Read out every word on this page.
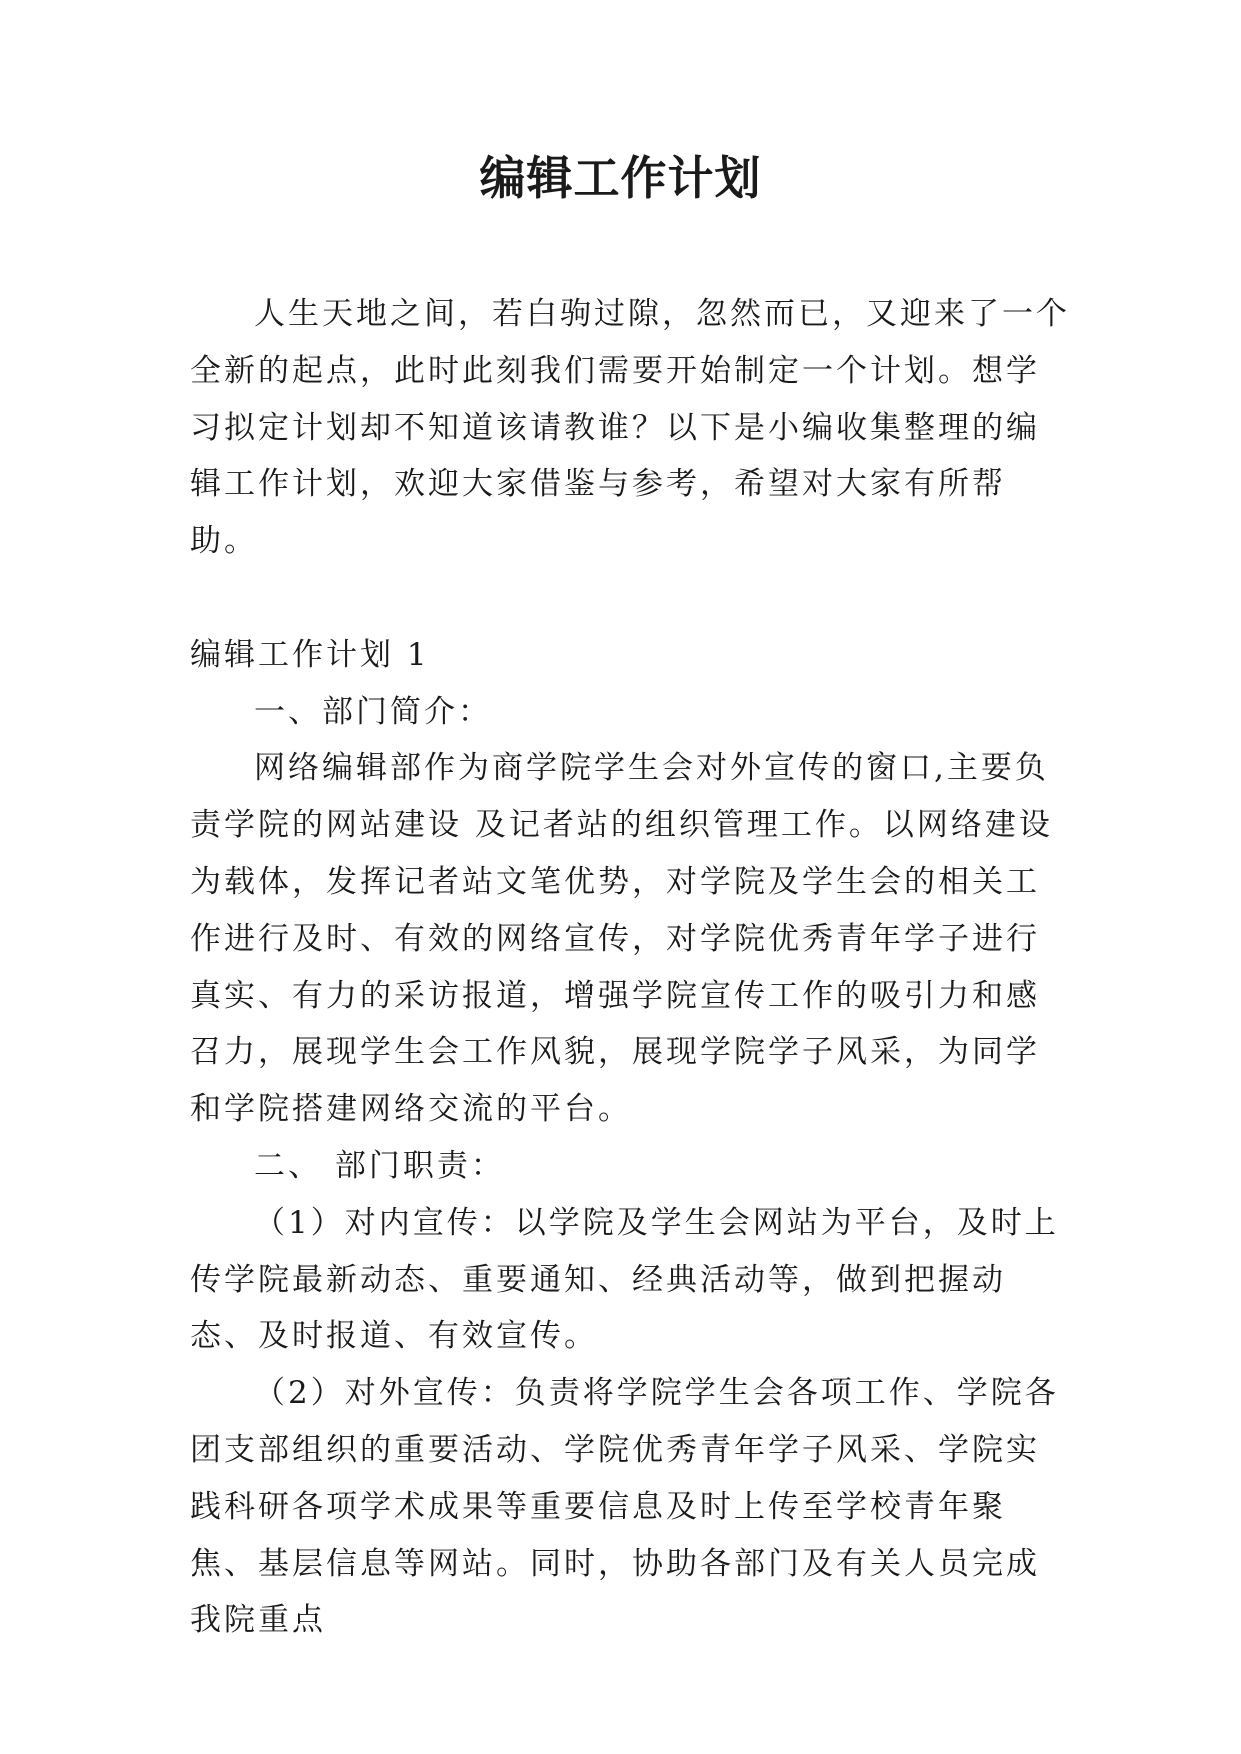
编辑工作计划

人生天地之间，若白驹过隙，忽然而已，又迎来了一个全新的起点，此时此刻我们需要开始制定一个计划。想学习拟定计划却不知道该请教谁？以下是小编收集整理的编辑工作计划，欢迎大家借鉴与参考，希望对大家有所帮助。

编辑工作计划 1

一、部门简介：

网络编辑部作为商学院学生会对外宣传的窗口,主要负责学院的网站建设 及记者站的组织管理工作。以网络建设为载体，发挥记者站文笔优势，对学院及学生会的相关工作进行及时、有效的网络宣传，对学院优秀青年学子进行真实、有力的采访报道，增强学院宣传工作的吸引力和感召力，展现学生会工作风貌，展现学院学子风采，为同学和学院搭建网络交流的平台。

二、 部门职责：

（1）对内宣传：以学院及学生会网站为平台，及时上传学院最新动态、重要通知、经典活动等，做到把握动态、及时报道、有效宣传。

（2）对外宣传：负责将学院学生会各项工作、学院各团支部组织的重要活动、学院优秀青年学子风采、学院实践科研各项学术成果等重要信息及时上传至学校青年聚焦、基层信息等网站。同时，协助各部门及有关人员完成我院重点
